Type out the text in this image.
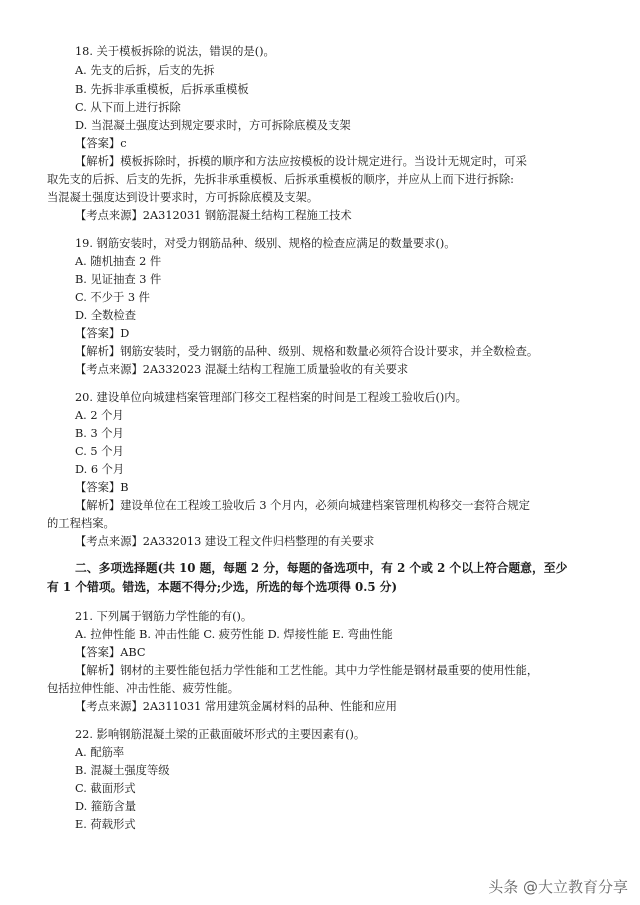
18. 关于模板拆除的说法，错误的是()。
A. 先支的后拆，后支的先拆
B. 先拆非承重模板，后拆承重模板
C. 从下而上进行拆除
D. 当混凝土强度达到规定要求时，方可拆除底模及支架
【答案】c
【解析】模板拆除时，拆模的顺序和方法应按模板的设计规定进行。当设计无规定时，可采
取先支的后拆、后支的先拆，先拆非承重模板、后拆承重模板的顺序，并应从上而下进行拆除:
当混凝土强度达到设计要求时，方可拆除底模及支架。
【考点来源】2A312031 钢筋混凝土结构工程施工技术
19. 钢筋安装时，对受力钢筋品种、级别、规格的检查应满足的数量要求()。
A. 随机抽查 2 件
B. 见证抽查 3 件
C. 不少于 3 件
D. 全数检查
【答案】D
【解析】钢筋安装时，受力钢筋的品种、级别、规格和数量必须符合设计要求，并全数检查。
【考点来源】2A332023 混凝土结构工程施工质量验收的有关要求
20. 建设单位向城建档案管理部门移交工程档案的时间是工程竣工验收后()内。
A. 2 个月
B. 3 个月
C. 5 个月
D. 6 个月
【答案】B
【解析】建设单位在工程竣工验收后 3 个月内，必须向城建档案管理机构移交一套符合规定
的工程档案。
【考点来源】2A332013 建设工程文件归档整理的有关要求
二、多项选择题(共 10 题，每题 2 分，每题的备选项中，有 2 个或 2 个以上符合题意，至少
有 1 个错项。错选，本题不得分;少选，所选的每个选项得 0.5 分)
21. 下列属于钢筋力学性能的有()。
A. 拉伸性能 B. 冲击性能 C. 疲劳性能 D. 焊接性能 E. 弯曲性能
【答案】ABC
【解析】钢材的主要性能包括力学性能和工艺性能。其中力学性能是钢材最重要的使用性能，
包括拉伸性能、冲击性能、疲劳性能。
【考点来源】2A311031 常用建筑金属材料的品种、性能和应用
22. 影响钢筋混凝土梁的正截面破坏形式的主要因素有()。
A. 配筋率
B. 混凝土强度等级
C. 截面形式
D. 箍筋含量
E. 荷载形式
头条 @大立教育分享
